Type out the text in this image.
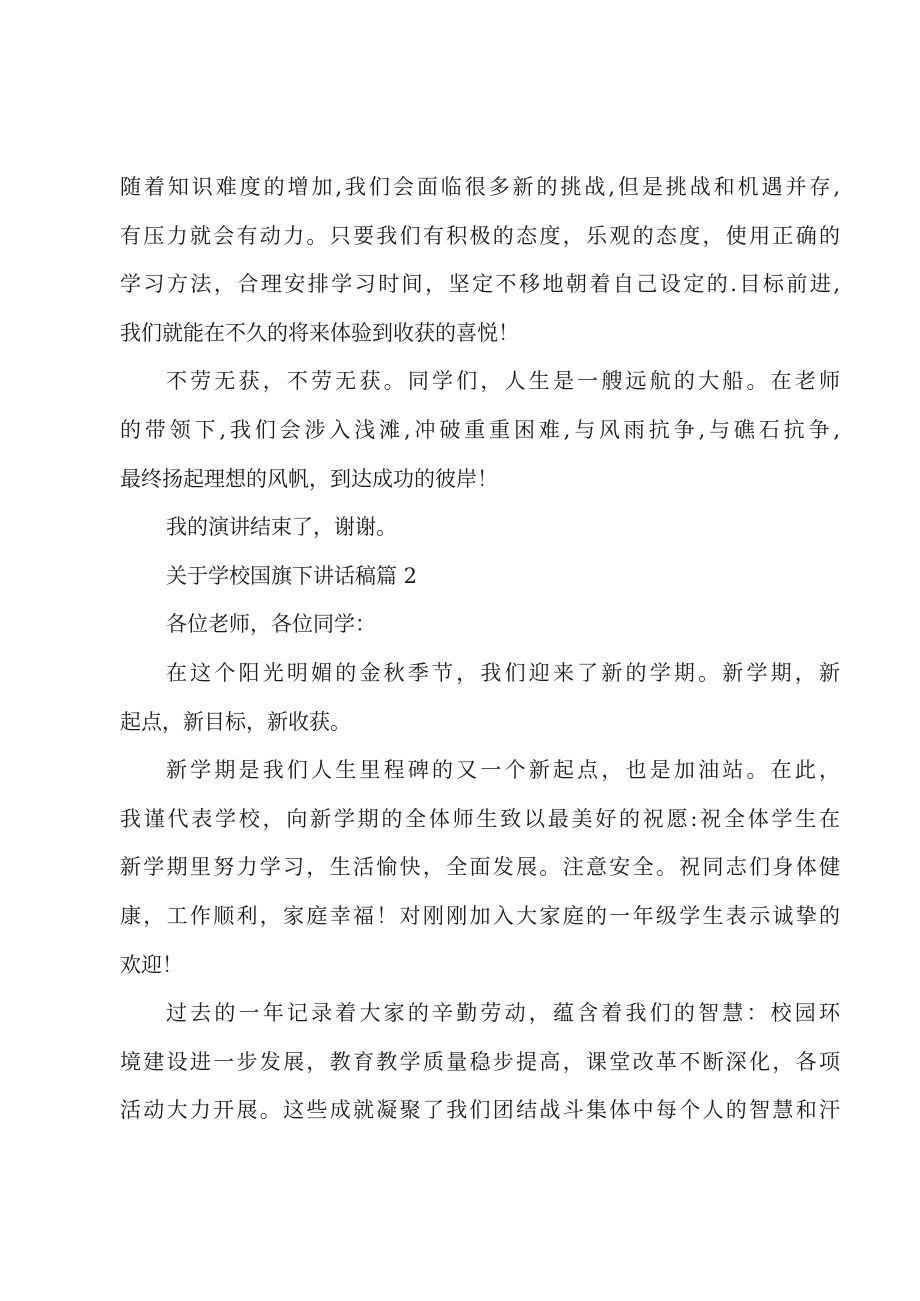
随着知识难度的增加,我们会面临很多新的挑战,但是挑战和机遇并存,
有压力就会有动力。只要我们有积极的态度，乐观的态度，使用正确的
学习方法，合理安排学习时间，坚定不移地朝着自己设定的.目标前进,
我们就能在不久的将来体验到收获的喜悦！
不劳无获，不劳无获。同学们，人生是一艘远航的大船。在老师
的带领下,我们会涉入浅滩,冲破重重困难,与风雨抗争,与礁石抗争,
最终扬起理想的风帆，到达成功的彼岸！
我的演讲结束了，谢谢。
关于学校国旗下讲话稿篇 2
各位老师，各位同学：
在这个阳光明媚的金秋季节，我们迎来了新的学期。新学期，新
起点，新目标，新收获。
新学期是我们人生里程碑的又一个新起点，也是加油站。在此，
我谨代表学校，向新学期的全体师生致以最美好的祝愿:祝全体学生在
新学期里努力学习，生活愉快，全面发展。注意安全。祝同志们身体健
康，工作顺利，家庭幸福！对刚刚加入大家庭的一年级学生表示诚挚的
欢迎！
过去的一年记录着大家的辛勤劳动，蕴含着我们的智慧：校园环
境建设进一步发展，教育教学质量稳步提高，课堂改革不断深化，各项
活动大力开展。这些成就凝聚了我们团结战斗集体中每个人的智慧和汗
